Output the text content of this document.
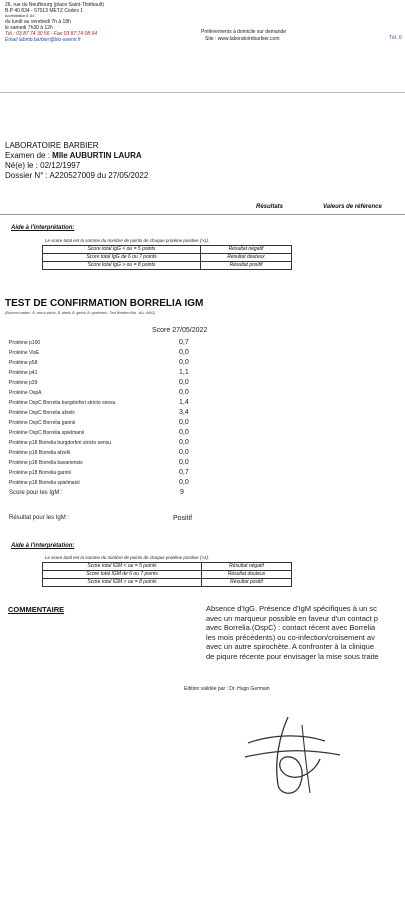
26, rue du Neufbourg (place Saint-Thiébault)
B.P 40 834 - 57013 METZ Cedex 1
Accréditation 8 -64
du lundi au vendredi 7h à 18h
le samedi 7h30 à 12h
Tél : 03 87 74 30 56 - Fax 03 87 74 08 64
Email labmb.barbier@bio-avenir.fr
Prélèvements à domicile sur demande
Site : www.laboratoirebarbier.com	Tél. 0
LABORATOIRE BARBIER
Examen de : Mlle AUBURTIN LAURA
Né(e) le : 02/12/1997
Dossier N° : A220527009 du 27/05/2022
Résultats	Valeurs de référence
Aide à l'interprétation:
Le score total est la somme du nombre de points de chaque protéine positive (>1).
Score total IgG < ou = 5 points	Résultat négatif
Score total IgG de 6 ou 7 points	Résultat douteux
Score total IgG > ou = 8 points	Résultat positif
TEST DE CONFIRMATION BORRELIA IGM
(Sources mattes : B. sensu stricto, B. afzelii, B. garinii, B. spielmanii - Test Western Blot - ALL INAC)
Score 27/05/2022
Protéine p100	0,7
Protéine VlsE	0,0
Protéine p58	0,0
Protéine p41	1,1
Protéine p39	0,0
Protéine OspA	0,0
Protéine OspC Borrelia burgdorferi stricto sensu	1,4
Protéine OspC Borrelia afzelii	3,4
Protéine OspC Borrelia garinii	0,0
Protéine OspC Borrelia spielmanii	0,0
Protéine p18 Borrelia burgdorferi stricto sensu	0,0
Protéine p18 Borrelia afzelii	0,0
Protéine p18 Borrelia bavariensis	0,0
Protéine p18 Borrelia garinii	0,7
Protéine p18 Borrelia spielmanii	0,0
Score pour les IgM :	9
Résultat pour les IgM :	Positif
Aide à l'interprétation:
Le score total est la somme du nombre de points de chaque protéine positive (>1).
Score total IGM < ou = 5 points	Résultat négatif
Score total IGM de 6 ou 7 points	Résultat douteux
Score total IGM > ou = 8 points	Résultat positif
COMMENTAIRE	Absence d'IgG. Présence d'IgM spécifiques à un sc
avec un marqueur possible en faveur d'un contact p
avec Borrelia.(OspC) : contact récent avec Borrelia
les mois précédents) ou co-infection/croisement av
avec un autre spirochète. A confronter à la clinique
de piqure récente pour envisager la mise sous traite
Edition validée par : Dr. Hugo Germain
